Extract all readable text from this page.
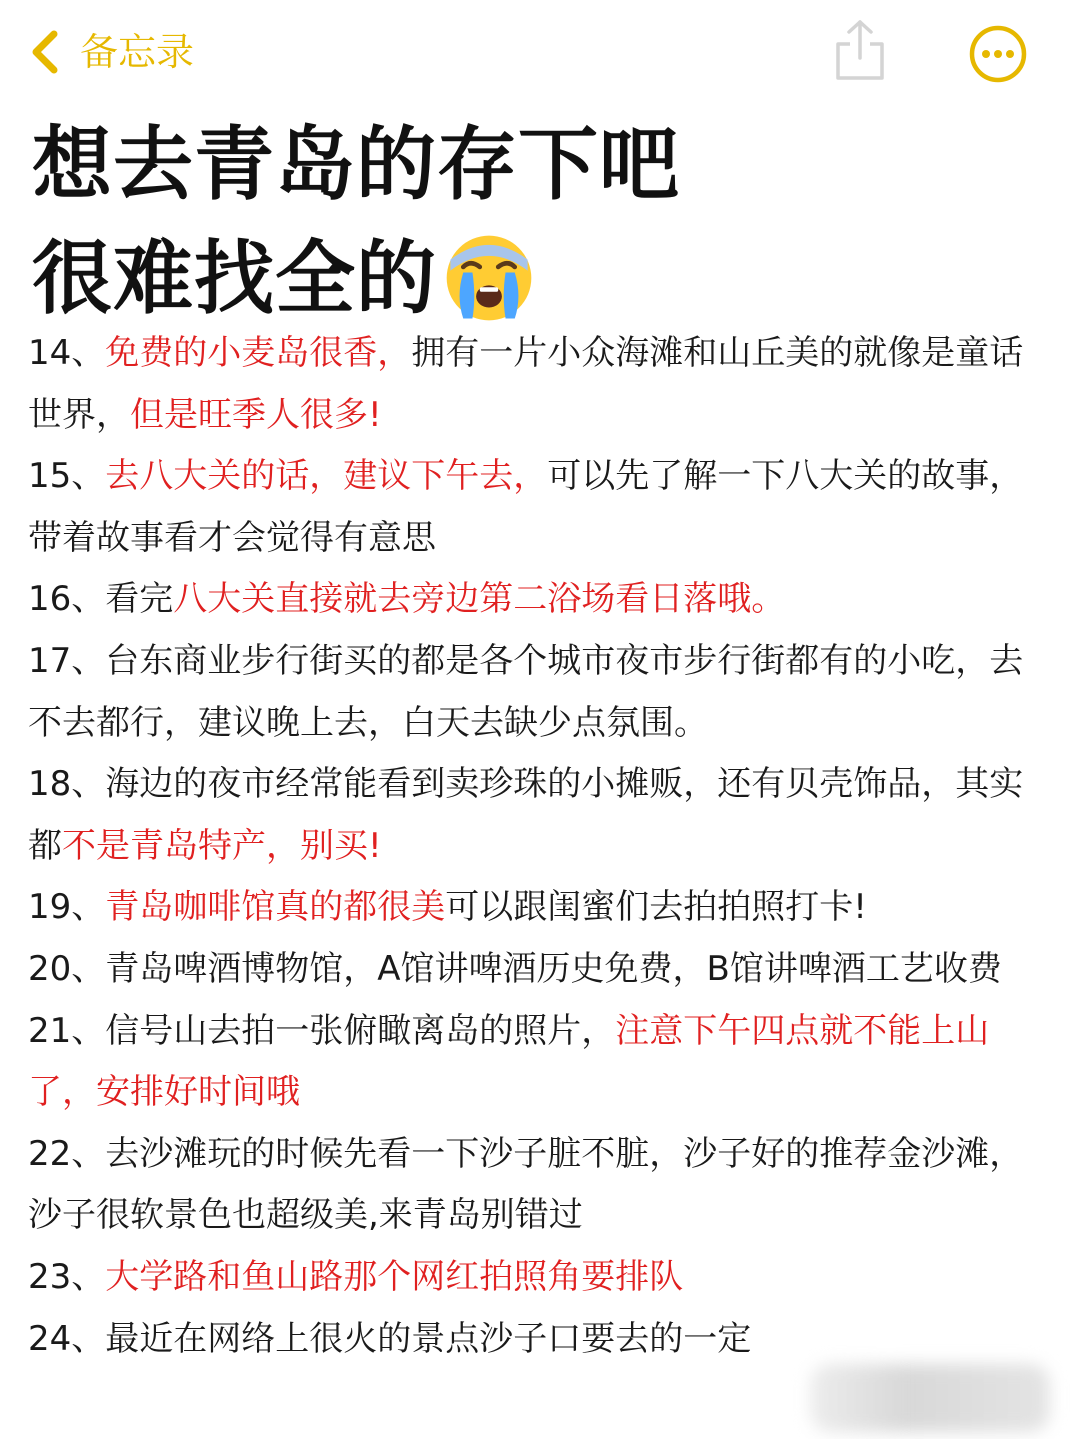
备忘录
想去青岛的存下吧
很难找全的

14、免费的小麦岛很香，拥有一片小众海滩和山丘美的就像是童话世界，但是旺季人很多!

15、去八大关的话，建议下午去，可以先了解一下八大关的故事，带着故事看才会觉得有意思

16、看完八大关直接就去旁边第二浴场看日落哦。

17、台东商业步行街买的都是各个城市夜市步行街都有的小吃，去不去都行，建议晚上去，白天去缺少点氛围。

18、海边的夜市经常能看到卖珍珠的小摊贩，还有贝壳饰品，其实都不是青岛特产，别买!

19、青岛咖啡馆真的都很美可以跟闺蜜们去拍拍照打卡!

20、青岛啤酒博物馆，A馆讲啤酒历史免费，B馆讲啤酒工艺收费

21、信号山去拍一张俯瞰离岛的照片，注意下午四点就不能上山了，安排好时间哦

22、去沙滩玩的时候先看一下沙子脏不脏，沙子好的推荐金沙滩，沙子很软景色也超级美,来青岛别错过

23、大学路和鱼山路那个网红拍照角要排队

24、最近在网络上很火的景点沙子口要去的一定
